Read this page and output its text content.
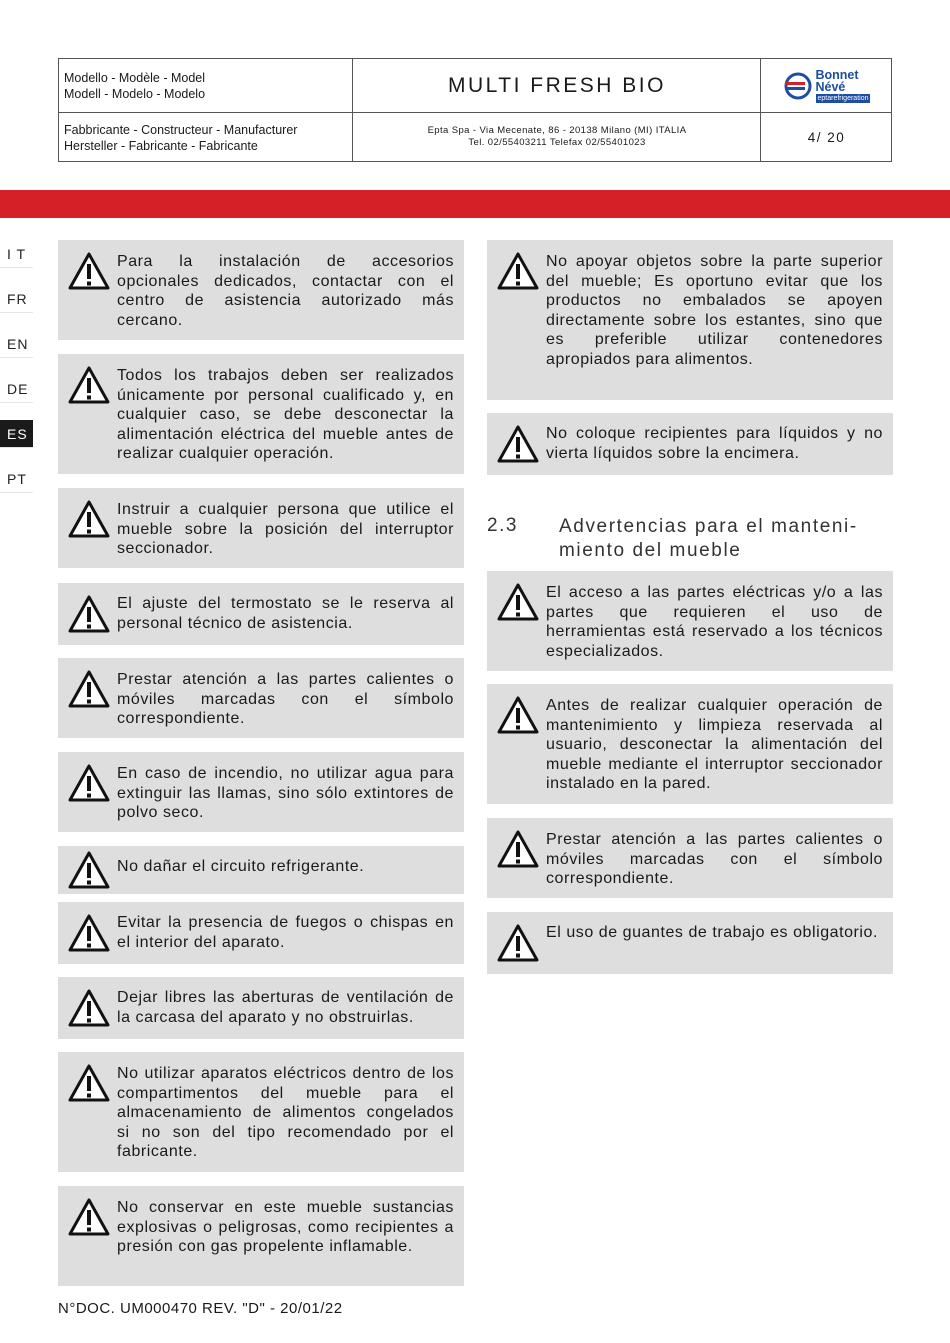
Modello - Modèle - Model
Modell - Modelo - Modelo	MULTI FRESH BIO	Bonnet
Névé
eptarefrigeration
Fabbricante - Constructeur - Manufacturer
Hersteller - Fabricante - Fabricante
Epta Spa - Via Mecenate, 86 - 20138 Milano (MI) ITALIA
Tel. 02/55403211 Telefax 02/55401023	4/ 20
I T
FR
EN
DE
ES
PT
Para la instalación de accesorios opcionales dedicados, contactar con el centro de asistencia autorizado más cercano.
Todos los trabajos deben ser realizados únicamente por personal cualificado y, en cualquier caso, se debe desconectar la alimentación eléctrica del mueble antes de realizar cualquier operación.
Instruir a cualquier persona que utilice el mueble sobre la posición del interruptor seccionador.
El ajuste del termostato se le reserva al personal técnico de asistencia.
Prestar atención a las partes calientes o móviles marcadas con el símbolo correspondiente.
En caso de incendio, no utilizar agua para extinguir las llamas, sino sólo extintores de polvo seco.
No dañar el circuito refrigerante.
Evitar la presencia de fuegos o chispas en el interior del aparato.
Dejar libres las aberturas de ventilación de la carcasa del aparato y no obstruirlas.
No utilizar aparatos eléctricos dentro de los compartimentos del mueble para el almacenamiento de alimentos congelados si no son del tipo recomendado por el fabricante.
No conservar en este mueble sustancias explosivas o peligrosas, como recipientes a presión con gas propelente inflamable.
No apoyar objetos sobre la parte superior del mueble; Es oportuno evitar que los productos no embalados se apoyen directamente sobre los estantes, sino que es preferible utilizar contenedores apropiados para alimentos.
No coloque recipientes para líquidos y no vierta líquidos sobre la encimera.
El acceso a las partes eléctricas y/o a las partes que requieren el uso de herramientas está reservado a los técnicos especializados.
Antes de realizar cualquier operación de mantenimiento y limpieza reservada al usuario, desconectar la alimentación del mueble mediante el interruptor seccionador instalado en la pared.
Prestar atención a las partes calientes o móviles marcadas con el símbolo correspondiente.
El uso de guantes de trabajo es obligatorio.
2.3 Advertencias para el manteni- miento del mueble
N°DOC. UM000470 REV. "D" - 20/01/22
